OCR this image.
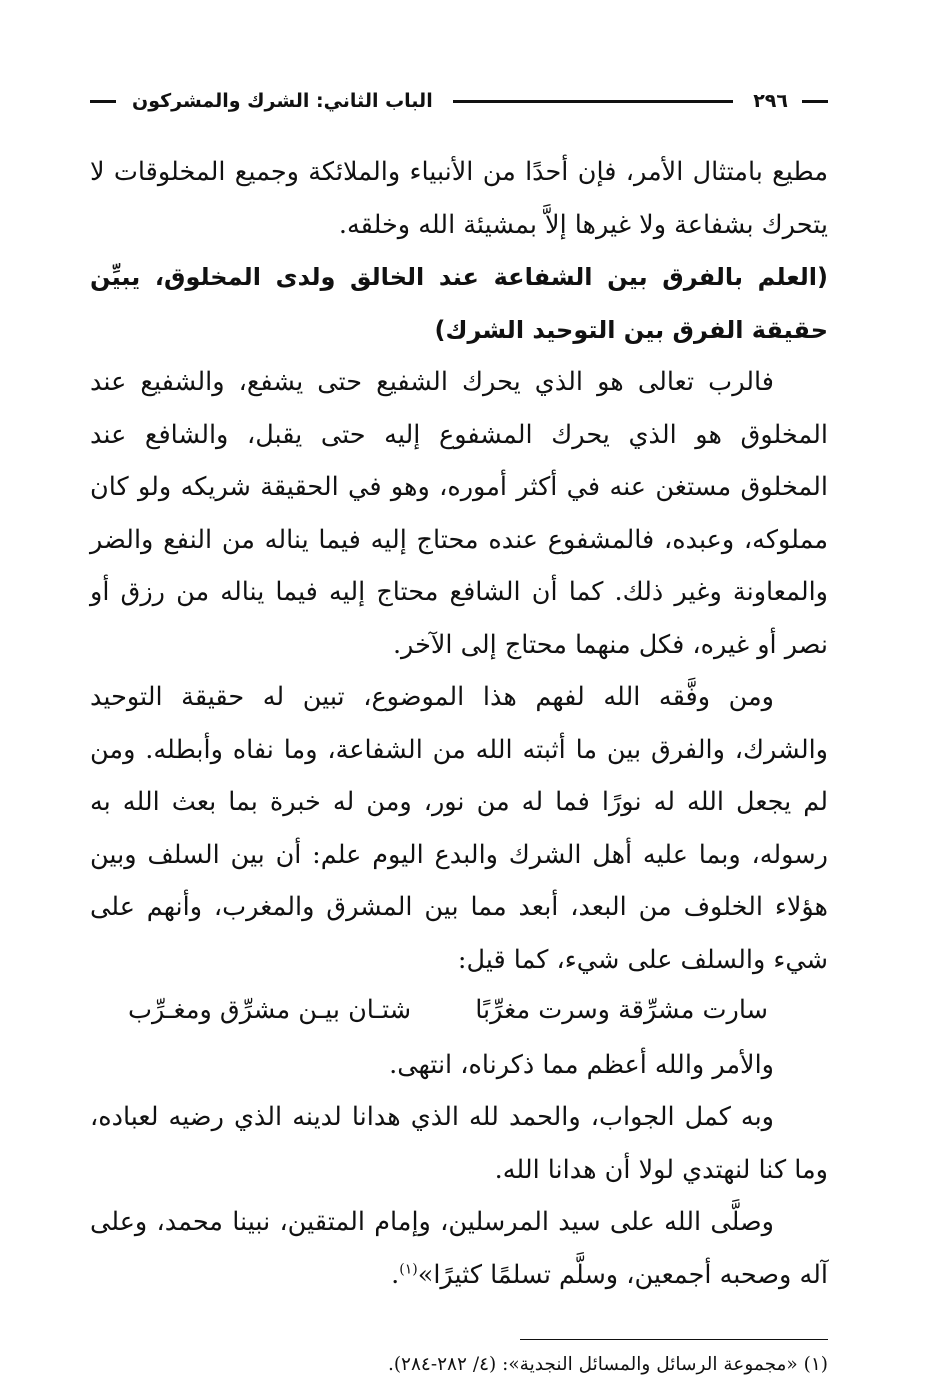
٢٩٦
الباب الثاني: الشرك والمشركون

مطيع بامتثال الأمر، فإن أحدًا من الأنبياء والملائكة وجميع المخلوقات لا يتحرك بشفاعة ولا غيرها إلاَّ بمشيئة الله وخلقه.

(العلم بالفرق بين الشفاعة عند الخالق ولدى المخلوق، يبيِّن حقيقة الفرق بين التوحيد الشرك)

فالرب تعالى هو الذي يحرك الشفيع حتى يشفع، والشفيع عند المخلوق هو الذي يحرك المشفوع إليه حتى يقبل، والشافع عند المخلوق مستغن عنه في أكثر أموره، وهو في الحقيقة شريكه ولو كان مملوكه، وعبده، فالمشفوع عنده محتاج إليه فيما يناله من النفع والضر والمعاونة وغير ذلك. كما أن الشافع محتاج إليه فيما يناله من رزق أو نصر أو غيره، فكل منهما محتاج إلى الآخر.

ومن وفَّقه الله لفهم هذا الموضوع، تبين له حقيقة التوحيد والشرك، والفرق بين ما أثبته الله من الشفاعة، وما نفاه وأبطله. ومن لم يجعل الله له نورًا فما له من نور، ومن له خبرة بما بعث الله به رسوله، وبما عليه أهل الشرك والبدع اليوم علم: أن بين السلف وبين هؤلاء الخلوف من البعد، أبعد مما بين المشرق والمغرب، وأنهم على شيء والسلف على شيء، كما قيل:

سارت مشرِّقة وسرت مغرِّبًا
شتـان بيـن مشرِّق ومغـرِّب

والأمر والله أعظم مما ذكرناه، انتهى.

وبه كمل الجواب، والحمد لله الذي هدانا لدينه الذي رضيه لعباده، وما كنا لنهتدي لولا أن هدانا الله.

وصلَّى الله على سيد المرسلين، وإمام المتقين، نبينا محمد، وعلى آله وصحبه أجمعين، وسلَّم تسلمًا كثيرًا»$^{(١)}$.

(١) «مجموعة الرسائل والمسائل النجدية»: (٤/ ٢٨٢-٢٨٤).
